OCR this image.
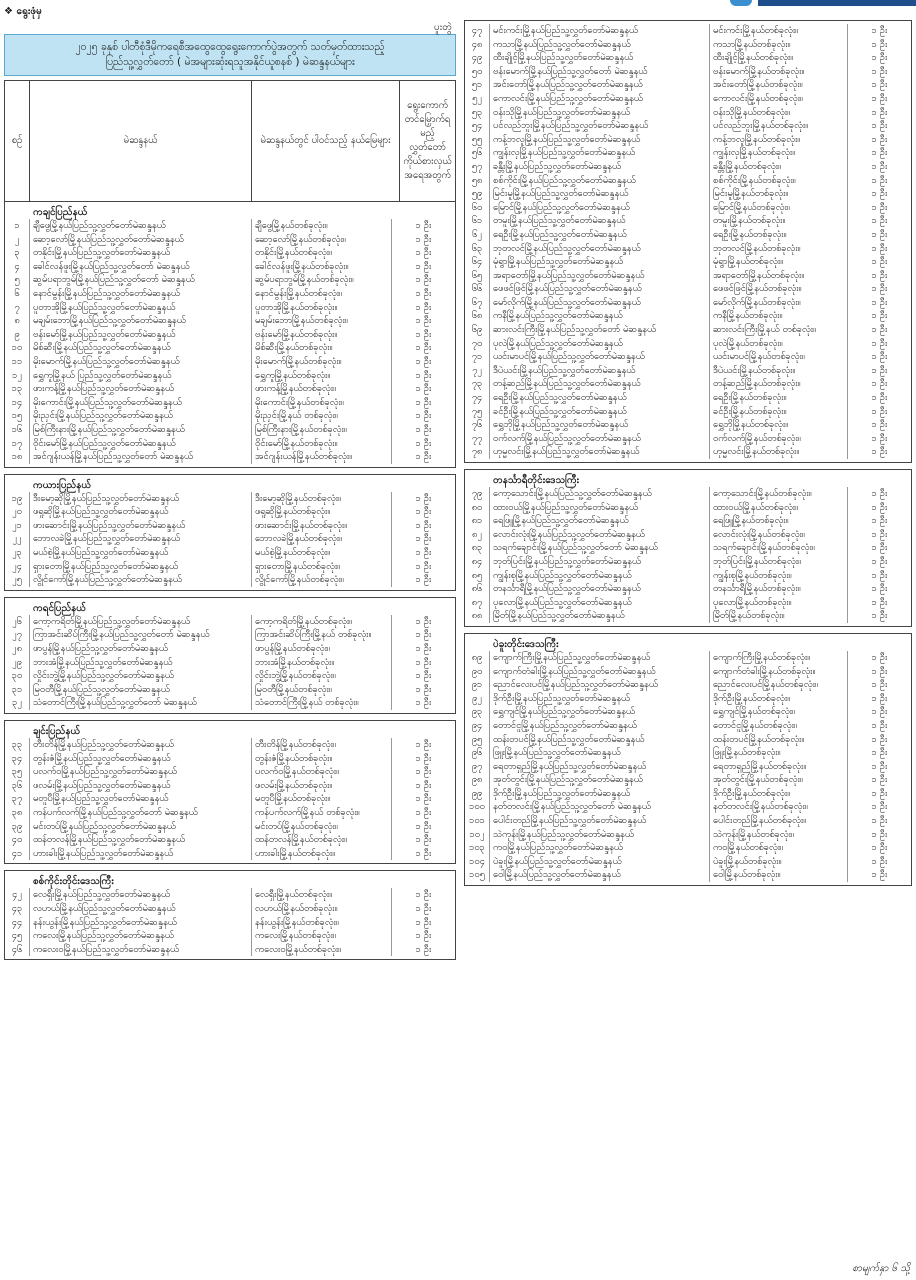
❖ ရွေးဖုံမှ
ပူးတွဲ
၂၀၂၅ ခုနှစ် ပါတီစုံဒီမိုကရေစီအထွေထွေရွေးကောက်ပွဲအတွက် သတ်မှတ်ထားသည့်
ပြည်သူ့လွှတ်တော် ( မဲအများဆုံးရသူအနိုင်ယူစနစ် ) မဲဆန္ဒနယ်များ
စဉ်	မဲဆန္ဒနယ်	မဲဆန္ဒနယ်တွင် ပါဝင်သည့် နယ်မြေများ
ရွေးကောက် တင်မြှောက်ရ မည့် လွှတ်တော် ကိုယ်စားလှယ် အရေအတွက်
ကချင်ပြည်နယ်
၁	ချီဖွေမြို့နယ်ပြည်သူ့လွှတ်တော်မဲဆန္ဒနယ်	ချီဖွေမြို့နယ်တစ်ခုလုံး။	၁ ဦး
၂	ဆော့လော်မြို့နယ်ပြည်သူ့လွှတ်တော်မဲဆန္ဒနယ်	ဆော့လော်မြို့နယ်တစ်ခုလုံး။	၁ ဦး
၃	တနိုင်းမြို့နယ်ပြည်သူ့လွှတ်တော်မဲဆန္ဒနယ်	တနိုင်းမြို့နယ်တစ်ခုလုံး။	၁ ဦး
၄	ခေါင်လန်ဖူးမြို့နယ်ပြည်သူ့လွှတ်တော် မဲဆန္ဒနယ်	ခေါင်လန်ဖူးမြို့နယ်တစ်ခုလုံး။	၁ ဦး
၅	ဆွမ်ပရာဘွမ်မြို့နယ်ပြည်သူ့လွှတ်တော် မဲဆန္ဒနယ်	ဆွမ်ပရာဘွမ်မြို့နယ်တစ်ခုလုံး။	၁ ဦး
၆	နောင်မွန်းမြို့နယ်ပြည်သူ့လွှတ်တော်မဲဆန္ဒနယ်	နောင်မွန်းမြို့နယ်တစ်ခုလုံး။	၁ ဦး
၇	ပူတာအိုမြို့နယ်ပြည်သူ့လွှတ်တော်မဲဆန္ဒနယ်	ပူတာအိုမြို့နယ်တစ်ခုလုံး။	၁ ဦး
၈	မချမ်းဘောမြို့နယ်ပြည်သူ့လွှတ်တော်မဲဆန္ဒနယ်	မချမ်းဘောမြို့နယ်တစ်ခုလုံး။	၁ ဦး
၉	ဗန်းမော်မြို့နယ်ပြည်သူ့လွှတ်တော်မဲဆန္ဒနယ်	ဗန်းမော်မြို့နယ်တစ်ခုလုံး။	၁ ဦး
၁၀	မိစ်ဆီးမြို့နယ်ပြည်သူ့လွှတ်တော်မဲဆန္ဒနယ်	မိစ်ဆီးမြို့နယ်တစ်ခုလုံး။	၁ ဦး
၁၁	မိုးမောက်မြို့နယ်ပြည်သူ့လွှတ်တော်မဲဆန္ဒနယ်	မိုးမောက်မြို့နယ်တစ်ခုလုံး။	၁ ဦး
၁၂	ရွှေကူမြို့နယ် ပြည်သူ့လွှတ်တော်မဲဆန္ဒနယ်	ရွှေကူမြို့နယ်တစ်ခုလုံး။	၁ ဦး
၁၃	ဖားကန့်မြို့နယ်ပြည်သူ့လွှတ်တော်မဲဆန္ဒနယ်	ဖားကန့်မြို့နယ်တစ်ခုလုံး။	၁ ဦး
၁၄	မိုးကောင်းမြို့နယ်ပြည်သူ့လွှတ်တော်မဲဆန္ဒနယ်	မိုးကောင်းမြို့နယ်တစ်ခုလုံး။	၁ ဦး
၁၅	မိုးညှင်းမြို့နယ်ပြည်သူ့လွှတ်တော်မဲဆန္ဒနယ်	မိုးညှင်းမြို့နယ် တစ်ခုလုံး။	၁ ဦး
၁၆	မြစ်ကြီးနားမြို့နယ်ပြည်သူ့လွှတ်တော်မဲဆန္ဒနယ်	မြစ်ကြီးနားမြို့နယ်တစ်ခုလုံး။	၁ ဦး
၁၇	ဝိုင်းမော်မြို့နယ်ပြည်သူ့လွှတ်တော်မဲဆန္ဒနယ်	ဝိုင်းမော်မြို့နယ်တစ်ခုလုံး။	၁ ဦး
၁၈	အင်ဂျန်းယန်မြို့နယ်ပြည်သူ့လွှတ်တော် မဲဆန္ဒနယ်	အင်ဂျန်းယန်မြို့နယ်တစ်ခုလုံး။	၁ ဦး
ကယားပြည်နယ်
၁၉	ဒီးမော့ဆိုမြို့နယ်ပြည်သူ့လွှတ်တော်မဲဆန္ဒနယ်	ဒီးမော့ဆိုမြို့နယ်တစ်ခုလုံး။	၁ ဦး
၂၀	ဖရူဆိုမြို့နယ်ပြည်သူ့လွှတ်တော်မဲဆန္ဒနယ်	ဖရူဆိုမြို့နယ်တစ်ခုလုံး။	၁ ဦး
၂၁	ဖားဆောင်းမြို့နယ်ပြည်သူ့လွှတ်တော်မဲဆန္ဒနယ်	ဖားဆောင်းမြို့နယ်တစ်ခုလုံး။	၁ ဦး
၂၂	ဘောလခဲမြို့နယ်ပြည်သူ့လွှတ်တော်မဲဆန္ဒနယ်	ဘောလခဲမြို့နယ်တစ်ခုလုံး။	၁ ဦး
၂၃	မယ်စဲ့မြို့နယ်ပြည်သူ့လွှတ်တော်မဲဆန္ဒနယ်	မယ်စဲ့မြို့နယ်တစ်ခုလုံး။	၁ ဦး
၂၄	ရှားတောမြို့နယ်ပြည်သူ့လွှတ်တော်မဲဆန္ဒနယ်	ရှားတောမြို့နယ်တစ်ခုလုံး။	၁ ဦး
၂၅	လွိုင်ကော်မြို့နယ်ပြည်သူ့လွှတ်တော်မဲဆန္ဒနယ်	လွိုင်ကော်မြို့နယ်တစ်ခုလုံး။	၁ ဦး
ကရင်ပြည်နယ်
၂၆	ကော့ကရိတ်မြို့နယ်ပြည်သူ့လွှတ်တော်မဲဆန္ဒနယ်	ကော့ကရိတ်မြို့နယ်တစ်ခုလုံး။	၁ ဦး
၂၇	ကြာအင်းဆိပ်ကြီးမြို့နယ်ပြည်သူ့လွှတ်တော် မဲဆန္ဒနယ်	ကြာအင်းဆိပ်ကြီးမြို့နယ် တစ်ခုလုံး။	၁ ဦး
၂၈	ဖာပွန်မြို့နယ်ပြည်သူ့လွှတ်တော်မဲဆန္ဒနယ်	ဖာပွန်မြို့နယ်တစ်ခုလုံး။	၁ ဦး
၂၉	ဘားအံမြို့နယ်ပြည်သူ့လွှတ်တော်မဲဆန္ဒနယ်	ဘားအံမြို့နယ်တစ်ခုလုံး။	၁ ဦး
၃၀	လှိုင်းဘွဲ့မြို့နယ်ပြည်သူ့လွှတ်တော်မဲဆန္ဒနယ်	လှိုင်းဘွဲ့မြို့နယ်တစ်ခုလုံး။	၁ ဦး
၃၁	မြဝတီမြို့နယ်ပြည်သူ့လွှတ်တော်မဲဆန္ဒနယ်	မြဝတီမြို့နယ်တစ်ခုလုံး။	၁ ဦး
၃၂	သံတောင်ကြီးမြို့နယ်ပြည်သူ့လွှတ်တော် မဲဆန္ဒနယ်	သံတောင်ကြီးမြို့နယ် တစ်ခုလုံး။	၁ ဦး
ချင်းပြည်နယ်
၃၃	တီးတိန်မြို့နယ်ပြည်သူ့လွှတ်တော်မဲဆန္ဒနယ်	တီးတိန်မြို့နယ်တစ်ခုလုံး။	၁ ဦး
၃၄	တွန်းဇံမြို့နယ်ပြည်သူ့လွှတ်တော်မဲဆန္ဒနယ်	တွန်းဇံမြို့နယ်တစ်ခုလုံး။	၁ ဦး
၃၅	ပလက်ဝမြို့နယ်ပြည်သူ့လွှတ်တော်မဲဆန္ဒနယ်	ပလက်ဝမြို့နယ်တစ်ခုလုံး။	၁ ဦး
၃၆	ဖလမ်းမြို့နယ်ပြည်သူ့လွှတ်တော်မဲဆန္ဒနယ်	ဖလမ်းမြို့နယ်တစ်ခုလုံး။	၁ ဦး
၃၇	မတူပီမြို့နယ်ပြည်သူ့လွှတ်တော်မဲဆန္ဒနယ်	မတူပီမြို့နယ်တစ်ခုလုံး။	၁ ဦး
၃၈	ကန်ပက်လက်မြို့နယ်ပြည်သူ့လွှတ်တော် မဲဆန္ဒနယ်	ကန်ပက်လက်မြို့နယ် တစ်ခုလုံး။	၁ ဦး
၃၉	မင်းတပ်မြို့နယ်ပြည်သူ့လွှတ်တော်မဲဆန္ဒနယ်	မင်းတပ်မြို့နယ်တစ်ခုလုံး။	၁ ဦး
၄၀	ထန်တလန်မြို့နယ်ပြည်သူ့လွှတ်တော်မဲဆန္ဒနယ်	ထန်တလန်မြို့နယ်တစ်ခုလုံး။	၁ ဦး
၄၁	ဟားခါးမြို့နယ်ပြည်သူ့လွှတ်တော်မဲဆန္ဒနယ်	ဟားခါးမြို့နယ်တစ်ခုလုံး။	၁ ဦး
စစ်ကိုင်းတိုင်းဒေသကြီး
၄၂	လေရှီးမြို့နယ်ပြည်သူ့လွှတ်တော်မဲဆန္ဒနယ်	လေရှီးမြို့နယ်တစ်ခုလုံး။	၁ ဦး
၄၃	လဟယ်မြို့နယ်ပြည်သူ့လွှတ်တော်မဲဆန္ဒနယ်	လဟယ်မြို့နယ်တစ်ခုလုံး။	၁ ဦး
၄၄	နန်းယွန်းမြို့နယ်ပြည်သူ့လွှတ်တော်မဲဆန္ဒနယ်	နန်းယွန်းမြို့နယ်တစ်ခုလုံး။	၁ ဦး
၄၅	ကလေးမြို့နယ်ပြည်သူ့လွှတ်တော်မဲဆန္ဒနယ်	ကလေးမြို့နယ်တစ်ခုလုံး။	၁ ဦး
၄၆	ကလေးဝမြို့နယ်ပြည်သူ့လွှတ်တော်မဲဆန္ဒနယ်	ကလေးဝမြို့နယ်တစ်ခုလုံး။	၁ ဦး
၄၇	မင်းကင်းမြို့နယ်ပြည်သူ့လွှတ်တော်မဲဆန္ဒနယ်	မင်းကင်းမြို့နယ်တစ်ခုလုံး။	၁ ဦး
၄၈	ကသာမြို့နယ်ပြည်သူ့လွှတ်တော်မဲဆန္ဒနယ်	ကသာမြို့နယ်တစ်ခုလုံး။	၁ ဦး
၄၉	ထီးချိုင့်မြို့နယ်ပြည်သူ့လွှတ်တော်မဲဆန္ဒနယ်	ထီးချိုင့်မြို့နယ်တစ်ခုလုံး။	၁ ဦး
၅၀	ဗန်းမောက်မြို့နယ်ပြည်သူ့လွှတ်တော် မဲဆန္ဒနယ်	ဗန်းမောက်မြို့နယ်တစ်ခုလုံး။	၁ ဦး
၅၁	အင်းတော်မြို့နယ်ပြည်သူ့လွှတ်တော်မဲဆန္ဒနယ်	အင်းတော်မြို့နယ်တစ်ခုလုံး။	၁ ဦး
၅၂	ကောလင်းမြို့နယ်ပြည်သူ့လွှတ်တော်မဲဆန္ဒနယ်	ကောလင်းမြို့နယ်တစ်ခုလုံး။	၁ ဦး
၅၃	ဝန်းသိုမြို့နယ်ပြည်သူ့လွှတ်တော်မဲဆန္ဒနယ်	ဝန်းသိုမြို့နယ်တစ်ခုလုံး။	၁ ဦး
၅၄	ပင်လည်ဘူးမြို့နယ်ပြည်သူ့လွှတ်တော်မဲဆန္ဒနယ်	ပင်လည်ဘူးမြို့နယ်တစ်ခုလုံး။	၁ ဦး
၅၅	ကန့်ဘလူမြို့နယ်ပြည်သူ့လွှတ်တော်မဲဆန္ဒနယ်	ကန့်ဘလူမြို့နယ်တစ်ခုလုံး။	၁ ဦး
၅၆	ကျွန်းလှမြို့နယ်ပြည်သူ့လွှတ်တော်မဲဆန္ဒနယ်	ကျွန်းလှမြို့နယ်တစ်ခုလုံး။	၁ ဦး
၅၇	ခန္တီးမြို့နယ်ပြည်သူ့လွှတ်တော်မဲဆန္ဒနယ်	ခန္တီးမြို့နယ်တစ်ခုလုံး။	၁ ဦး
၅၈	စစ်ကိုင်းမြို့နယ်ပြည်သူ့လွှတ်တော်မဲဆန္ဒနယ်	စစ်ကိုင်းမြို့နယ်တစ်ခုလုံး။	၁ ဦး
၅၉	မြင်းမူမြို့နယ်ပြည်သူ့လွှတ်တော်မဲဆန္ဒနယ်	မြင်းမူမြို့နယ်တစ်ခုလုံး။	၁ ဦး
၆၀	မြောင်မြို့နယ်ပြည်သူ့လွှတ်တော်မဲဆန္ဒနယ်	မြောင်မြို့နယ်တစ်ခုလုံး။	၁ ဦး
၆၁	တမူးမြို့နယ်ပြည်သူ့လွှတ်တော်မဲဆန္ဒနယ်	တမူးမြို့နယ်တစ်ခုလုံး။	၁ ဦး
၆၂	ရေဦးမြို့နယ်ပြည်သူ့လွှတ်တော်မဲဆန္ဒနယ်	ရေဦးမြို့နယ်တစ်ခုလုံး။	၁ ဦး
၆၃	ဘုတလင်မြို့နယ်ပြည်သူ့လွှတ်တော်မဲဆန္ဒနယ်	ဘုတလင်မြို့နယ်တစ်ခုလုံး။	၁ ဦး
၆၄	မုံရွာမြို့နယ်ပြည်သူ့လွှတ်တော်မဲဆန္ဒနယ်	မုံရွာမြို့နယ်တစ်ခုလုံး။	၁ ဦး
၆၅	အရာတော်မြို့နယ်ပြည်သူ့လွှတ်တော်မဲဆန္ဒနယ်	အရာတော်မြို့နယ်တစ်ခုလုံး။	၁ ဦး
၆၆	ဖေဖင်ဖြင်မြို့နယ်ပြည်သူ့လွှတ်တော်မဲဆန္ဒနယ်	ဖေဖင်ဖြင်မြို့နယ်တစ်ခုလုံး။	၁ ဦး
၆၇	မော်လိုက်မြို့နယ်ပြည်သူ့လွှတ်တော်မဲဆန္ဒနယ်	မော်လိုက်မြို့နယ်တစ်ခုလုံး။	၁ ဦး
၆၈	ကနီမြို့နယ်ပြည်သူ့လွှတ်တော်မဲဆန္ဒနယ်	ကနီမြို့နယ်တစ်ခုလုံး။	၁ ဦး
၆၉	ဆားလင်းကြီးမြို့နယ်ပြည်သူ့လွှတ်တော် မဲဆန္ဒနယ်	ဆားလင်းကြီးမြို့နယ် တစ်ခုလုံး။	၁ ဦး
၇၀	ပုလဲမြို့နယ်ပြည်သူ့လွှတ်တော်မဲဆန္ဒနယ်	ပုလဲမြို့နယ်တစ်ခုလုံး။	၁ ဦး
၇၁	ယင်းမာပင်မြို့နယ်ပြည်သူ့လွှတ်တော်မဲဆန္ဒနယ်	ယင်းမာပင်မြို့နယ်တစ်ခုလုံး။	၁ ဦး
၇၂	ဒီပဲယင်းမြို့နယ်ပြည်သူ့လွှတ်တော်မဲဆန္ဒနယ်	ဒီပဲယင်းမြို့နယ်တစ်ခုလုံး။	၁ ဦး
၇၃	တန့်ဆည်မြို့နယ်ပြည်သူ့လွှတ်တော်မဲဆန္ဒနယ်	တန့်ဆည်မြို့နယ်တစ်ခုလုံး။	၁ ဦး
၇၄	ရေဦးမြို့နယ်ပြည်သူ့လွှတ်တော်မဲဆန္ဒနယ်	ရေဦးမြို့နယ်တစ်ခုလုံး။	၁ ဦး
၇၅	ခင်ဦးမြို့နယ်ပြည်သူ့လွှတ်တော်မဲဆန္ဒနယ်	ခင်ဦးမြို့နယ်တစ်ခုလုံး။	၁ ဦး
၇၆	ရွှေဘိုမြို့နယ်ပြည်သူ့လွှတ်တော်မဲဆန္ဒနယ်	ရွှေဘိုမြို့နယ်တစ်ခုလုံး။	၁ ဦး
၇၇	ဝက်လက်မြို့နယ်ပြည်သူ့လွှတ်တော်မဲဆန္ဒနယ်	ဝက်လက်မြို့နယ်တစ်ခုလုံး။	၁ ဦး
၇၈	ဟုမ္မလင်းမြို့နယ်ပြည်သူ့လွှတ်တော်မဲဆန္ဒနယ်	ဟုမ္မလင်းမြို့နယ်တစ်ခုလုံး။	၁ ဦး
တနင်္သာရီတိုင်းဒေသကြီး
၇၉	ကော့သောင်းမြို့နယ်ပြည်သူ့လွှတ်တော်မဲဆန္ဒနယ်	ကော့သောင်းမြို့နယ်တစ်ခုလုံး။	၁ ဦး
၈၀	ထားဝယ်မြို့နယ်ပြည်သူ့လွှတ်တော်မဲဆန္ဒနယ်	ထားဝယ်မြို့နယ်တစ်ခုလုံး။	၁ ဦး
၈၁	ရေဖြူမြို့နယ်ပြည်သူ့လွှတ်တော်မဲဆန္ဒနယ်	ရေဖြူမြို့နယ်တစ်ခုလုံး။	၁ ဦး
၈၂	လောင်းလုံးမြို့နယ်ပြည်သူ့လွှတ်တော်မဲဆန္ဒနယ်	လောင်းလုံးမြို့နယ်တစ်ခုလုံး။	၁ ဦး
၈၃	သရက်ချောင်းမြို့နယ်ပြည်သူ့လွှတ်တော် မဲဆန္ဒနယ်	သရက်ချောင်းမြို့နယ်တစ်ခုလုံး။	၁ ဦး
၈၄	ဘုတ်ပြင်းမြို့နယ်ပြည်သူ့လွှတ်တော်မဲဆန္ဒနယ်	ဘုတ်ပြင်းမြို့နယ်တစ်ခုလုံး။	၁ ဦး
၈၅	ကျွန်းစုမြို့နယ်ပြည်သူ့လွှတ်တော်မဲဆန္ဒနယ်	ကျွန်းစုမြို့နယ်တစ်ခုလုံး။	၁ ဦး
၈၆	တနင်္သာရီမြို့နယ်ပြည်သူ့လွှတ်တော်မဲဆန္ဒနယ်	တနင်္သာရီမြို့နယ်တစ်ခုလုံး။	၁ ဦး
၈၇	ပုလောမြို့နယ်ပြည်သူ့လွှတ်တော်မဲဆန္ဒနယ်	ပုလောမြို့နယ်တစ်ခုလုံး။	၁ ဦး
၈၈	မြိတ်မြို့နယ်ပြည်သူ့လွှတ်တော်မဲဆန္ဒနယ်	မြိတ်မြို့နယ်တစ်ခုလုံး။	၁ ဦး
ပဲခူးတိုင်းဒေသကြီး
၈၉	ကျောက်ကြီးမြို့နယ်ပြည်သူ့လွှတ်တော်မဲဆန္ဒနယ်	ကျောက်ကြီးမြို့နယ်တစ်ခုလုံး။	၁ ဦး
၉၀	ကျောက်တံခါးမြို့နယ်ပြည်သူ့လွှတ်တော်မဲဆန္ဒနယ်	ကျောက်တံခါးမြို့နယ်တစ်ခုလုံး။	၁ ဦး
၉၁	ညောင်လေးပင်မြို့နယ်ပြည်သူ့လွှတ်တော်မဲဆန္ဒနယ်	ညောင်လေးပင်မြို့နယ်တစ်ခုလုံး။	၁ ဦး
၉၂	ဒိုက်ဦးမြို့နယ်ပြည်သူ့လွှတ်တော်မဲဆန္ဒနယ်	ဒိုက်ဦးမြို့နယ်တစ်ခုလုံး။	၁ ဦး
၉၃	ရွှေကျင်မြို့နယ်ပြည်သူ့လွှတ်တော်မဲဆန္ဒနယ်	ရွှေကျင်မြို့နယ်တစ်ခုလုံး။	၁ ဦး
၉၄	တောင်ငူမြို့နယ်ပြည်သူ့လွှတ်တော်မဲဆန္ဒနယ်	တောင်ငူမြို့နယ်တစ်ခုလုံး။	၁ ဦး
၉၅	ထန်းတပင်မြို့နယ်ပြည်သူ့လွှတ်တော်မဲဆန္ဒနယ်	ထန်းတပင်မြို့နယ်တစ်ခုလုံး။	၁ ဦး
၉၆	ဖြူးမြို့နယ်ပြည်သူ့လွှတ်တော်မဲဆန္ဒနယ်	ဖြူးမြို့နယ်တစ်ခုလုံး။	၁ ဦး
၉၇	ရေတာရှည်မြို့နယ်ပြည်သူ့လွှတ်တော်မဲဆန္ဒနယ်	ရေတာရှည်မြို့နယ်တစ်ခုလုံး။	၁ ဦး
၉၈	အုတ်တွင်းမြို့နယ်ပြည်သူ့လွှတ်တော်မဲဆန္ဒနယ်	အုတ်တွင်းမြို့နယ်တစ်ခုလုံး။	၁ ဦး
၉၉	ဒိုက်ဦးမြို့နယ်ပြည်သူ့လွှတ်တော်မဲဆန္ဒနယ်	ဒိုက်ဦးမြို့နယ်တစ်ခုလုံး။	၁ ဦး
၁၀၀ နတ်တလင်းမြို့နယ်ပြည်သူ့လွှတ်တော် မဲဆန္ဒနယ်	နတ်တလင်းမြို့နယ်တစ်ခုလုံး။	၁ ဦး
၁၀၁ ပေါင်းတည်မြို့နယ်ပြည်သူ့လွှတ်တော်မဲဆန္ဒနယ်	ပေါင်းတည်မြို့နယ်တစ်ခုလုံး။	၁ ဦး
၁၀၂ သဲကုန်းမြို့နယ်ပြည်သူ့လွှတ်တော်မဲဆန္ဒနယ်	သဲကုန်းမြို့နယ်တစ်ခုလုံး။	၁ ဦး
၁၀၃ ကဝမြို့နယ်ပြည်သူ့လွှတ်တော်မဲဆန္ဒနယ်	ကဝမြို့နယ်တစ်ခုလုံး။	၁ ဦး
၁၀၄ ပဲခူးမြို့နယ်ပြည်သူ့လွှတ်တော်မဲဆန္ဒနယ်	ပဲခူးမြို့နယ်တစ်ခုလုံး။	၁ ဦး
၁၀၅ ဝေါမြို့နယ်ပြည်သူ့လွှတ်တော်မဲဆန္ဒနယ်	ဝေါမြို့နယ်တစ်ခုလုံး။	၁ ဦး
စာမျက်နှာ ၆ သို့
